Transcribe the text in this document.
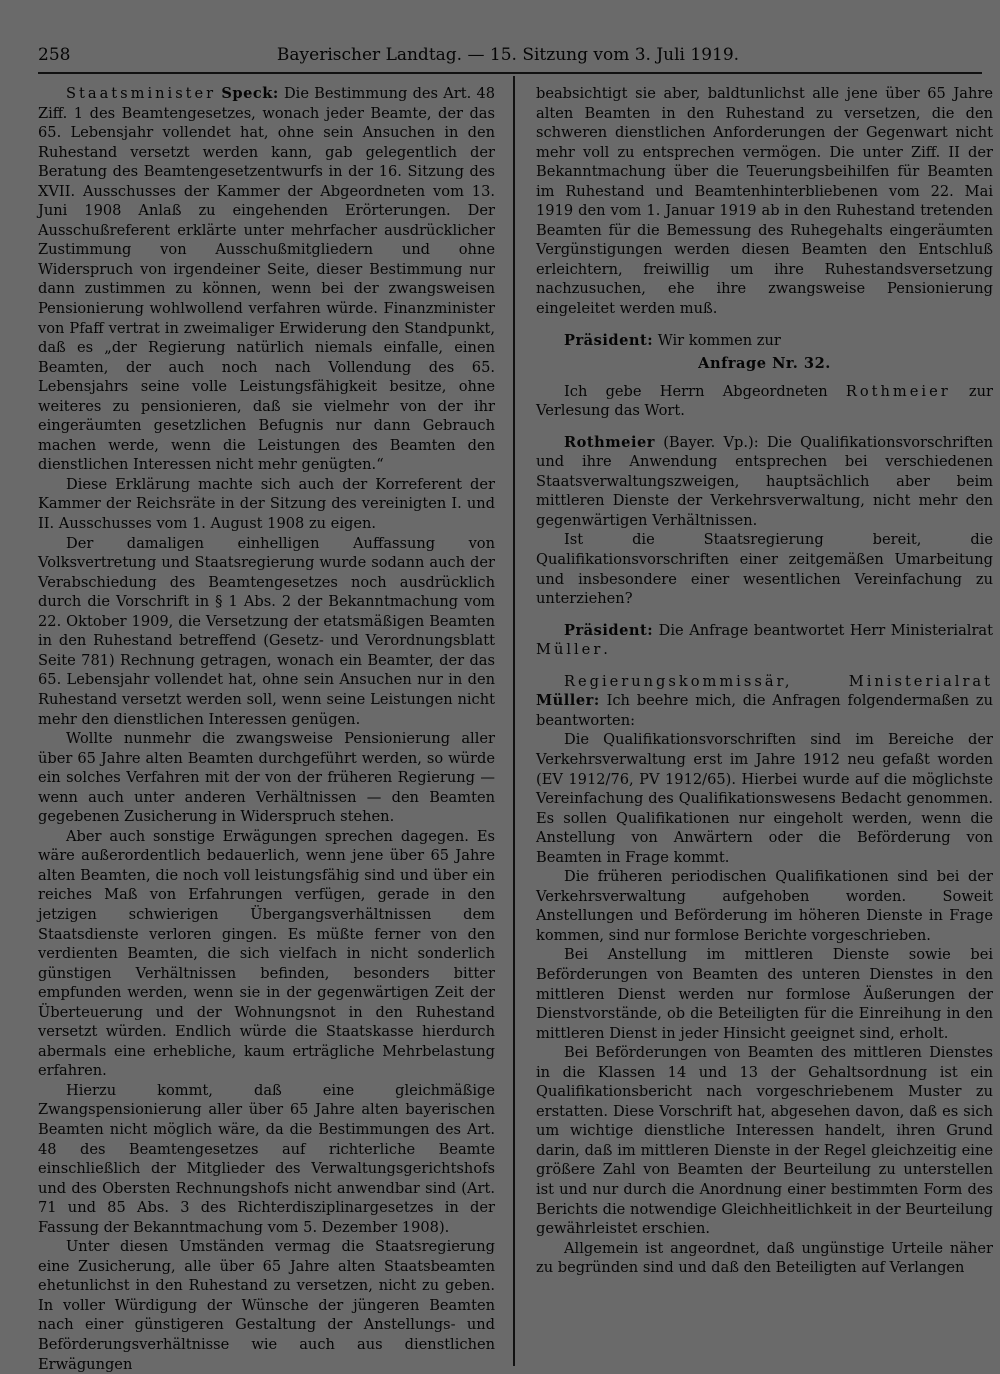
258	Bayerischer Landtag. — 15. Sitzung vom 3. Juli 1919.

Staatsminister Speck: Die Bestimmung des Art. 48 Ziff. 1 des Beamtengesetzes, wonach jeder Beamte, der das 65. Lebensjahr vollendet hat, ohne sein Ansuchen in den Ruhestand versetzt werden kann, gab gelegentlich der Beratung des Beamtengesetzentwurfs in der 16. Sitzung des XVII. Ausschusses der Kammer der Abgeordneten vom 13. Juni 1908 Anlaß zu eingehenden Erörterungen. Der Ausschußreferent erklärte unter mehrfacher ausdrücklicher Zustimmung von Ausschußmitgliedern und ohne Widerspruch von irgendeiner Seite, dieser Bestimmung nur dann zustimmen zu können, wenn bei der zwangsweisen Pensionierung wohlwollend verfahren würde. Finanzminister von Pfaff vertrat in zweimaliger Erwiderung den Standpunkt, daß es „der Regierung natürlich niemals einfalle, einen Beamten, der auch noch nach Vollendung des 65. Lebensjahrs seine volle Leistungsfähigkeit besitze, ohne weiteres zu pensionieren, daß sie vielmehr von der ihr eingeräumten gesetzlichen Befugnis nur dann Gebrauch machen werde, wenn die Leistungen des Beamten den dienstlichen Interessen nicht mehr genügten.“

Diese Erklärung machte sich auch der Korreferent der Kammer der Reichsräte in der Sitzung des vereinigten I. und II. Ausschusses vom 1. August 1908 zu eigen.

Der damaligen einhelligen Auffassung von Volksvertretung und Staatsregierung wurde sodann auch der Verabschiedung des Beamtengesetzes noch ausdrücklich durch die Vorschrift in § 1 Abs. 2 der Bekanntmachung vom 22. Oktober 1909, die Versetzung der etatsmäßigen Beamten in den Ruhestand betreffend (Gesetz- und Verordnungsblatt Seite 781) Rechnung getragen, wonach ein Beamter, der das 65. Lebensjahr vollendet hat, ohne sein Ansuchen nur in den Ruhestand versetzt werden soll, wenn seine Leistungen nicht mehr den dienstlichen Interessen genügen.

Wollte nunmehr die zwangsweise Pensionierung aller über 65 Jahre alten Beamten durchgeführt werden, so würde ein solches Verfahren mit der von der früheren Regierung — wenn auch unter anderen Verhältnissen — den Beamten gegebenen Zusicherung in Widerspruch stehen.

Aber auch sonstige Erwägungen sprechen dagegen. Es wäre außerordentlich bedauerlich, wenn jene über 65 Jahre alten Beamten, die noch voll leistungsfähig sind und über ein reiches Maß von Erfahrungen verfügen, gerade in den jetzigen schwierigen Übergangsverhältnissen dem Staatsdienste verloren gingen. Es müßte ferner von den verdienten Beamten, die sich vielfach in nicht sonderlich günstigen Verhältnissen befinden, besonders bitter empfunden werden, wenn sie in der gegenwärtigen Zeit der Überteuerung und der Wohnungsnot in den Ruhestand versetzt würden. Endlich würde die Staatskasse hierdurch abermals eine erhebliche, kaum erträgliche Mehrbelastung erfahren.

Hierzu kommt, daß eine gleichmäßige Zwangspensionierung aller über 65 Jahre alten bayerischen Beamten nicht möglich wäre, da die Bestimmungen des Art. 48 des Beamtengesetzes auf richterliche Beamte einschließlich der Mitglieder des Verwaltungsgerichtshofs und des Obersten Rechnungshofs nicht anwendbar sind (Art. 71 und 85 Abs. 3 des Richterdisziplinargesetzes in der Fassung der Bekanntmachung vom 5. Dezember 1908).

Unter diesen Umständen vermag die Staatsregierung eine Zusicherung, alle über 65 Jahre alten Staatsbeamten ehetunlichst in den Ruhestand zu versetzen, nicht zu geben. In voller Würdigung der Wünsche der jüngeren Beamten nach einer günstigeren Gestaltung der Anstellungs- und Beförderungsverhältnisse wie auch aus dienstlichen Erwägungen

beabsichtigt sie aber, baldtunlichst alle jene über 65 Jahre alten Beamten in den Ruhestand zu versetzen, die den schweren dienstlichen Anforderungen der Gegenwart nicht mehr voll zu entsprechen vermögen. Die unter Ziff. II der Bekanntmachung über die Teuerungsbeihilfen für Beamten im Ruhestand und Beamtenhinterbliebenen vom 22. Mai 1919 den vom 1. Januar 1919 ab in den Ruhestand tretenden Beamten für die Bemessung des Ruhegehalts eingeräumten Vergünstigungen werden diesen Beamten den Entschluß erleichtern, freiwillig um ihre Ruhestandsversetzung nachzusuchen, ehe ihre zwangsweise Pensionierung eingeleitet werden muß.

Präsident: Wir kommen zur

Anfrage Nr. 32.

Ich gebe Herrn Abgeordneten Rothmeier zur Verlesung das Wort.

Rothmeier (Bayer. Vp.): Die Qualifikationsvorschriften und ihre Anwendung entsprechen bei verschiedenen Staatsverwaltungszweigen, hauptsächlich aber beim mittleren Dienste der Verkehrsverwaltung, nicht mehr den gegenwärtigen Verhältnissen.

Ist die Staatsregierung bereit, die Qualifikationsvorschriften einer zeitgemäßen Umarbeitung und insbesondere einer wesentlichen Vereinfachung zu unterziehen?

Präsident: Die Anfrage beantwortet Herr Ministerialrat Müller.

Regierungskommissär, Ministerialrat Müller: Ich beehre mich, die Anfragen folgendermaßen zu beantworten:

Die Qualifikationsvorschriften sind im Bereiche der Verkehrsverwaltung erst im Jahre 1912 neu gefaßt worden (EV 1912/76, PV 1912/65). Hierbei wurde auf die möglichste Vereinfachung des Qualifikationswesens Bedacht genommen. Es sollen Qualifikationen nur eingeholt werden, wenn die Anstellung von Anwärtern oder die Beförderung von Beamten in Frage kommt.

Die früheren periodischen Qualifikationen sind bei der Verkehrsverwaltung aufgehoben worden. Soweit Anstellungen und Beförderung im höheren Dienste in Frage kommen, sind nur formlose Berichte vorgeschrieben.

Bei Anstellung im mittleren Dienste sowie bei Beförderungen von Beamten des unteren Dienstes in den mittleren Dienst werden nur formlose Äußerungen der Dienstvorstände, ob die Beteiligten für die Einreihung in den mittleren Dienst in jeder Hinsicht geeignet sind, erholt.

Bei Beförderungen von Beamten des mittleren Dienstes in die Klassen 14 und 13 der Gehaltsordnung ist ein Qualifikationsbericht nach vorgeschriebenem Muster zu erstatten. Diese Vorschrift hat, abgesehen davon, daß es sich um wichtige dienstliche Interessen handelt, ihren Grund darin, daß im mittleren Dienste in der Regel gleichzeitig eine größere Zahl von Beamten der Beurteilung zu unterstellen ist und nur durch die Anordnung einer bestimmten Form des Berichts die notwendige Gleichheitlichkeit in der Beurteilung gewährleistet erschien.

Allgemein ist angeordnet, daß ungünstige Urteile näher zu begründen sind und daß den Beteiligten auf Verlangen
